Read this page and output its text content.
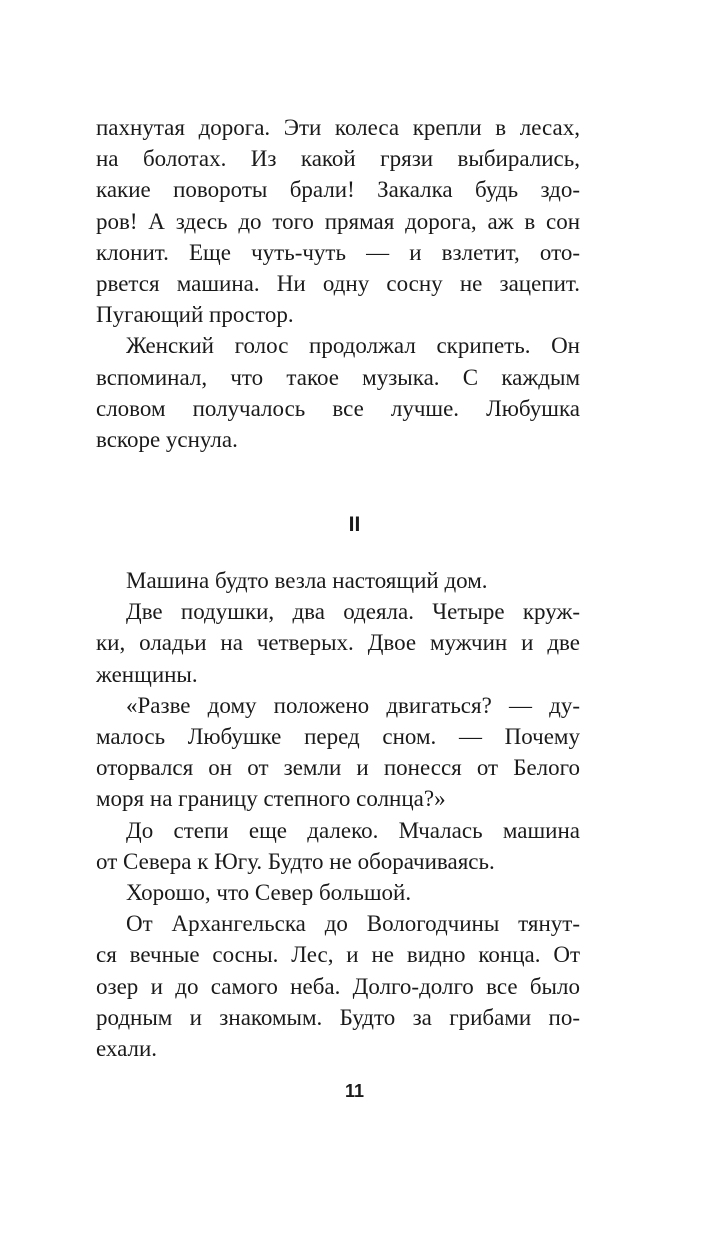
пахнутая дорога. Эти колеса крепли в лесах,
на болотах. Из какой грязи выбирались,
какие повороты брали! Закалка будь здо-
ров! А здесь до того прямая дорога, аж в сон
клонит. Еще чуть-чуть — и взлетит, ото-
рвется машина. Ни одну сосну не зацепит.
Пугающий простор.

Женский голос продолжал скрипеть. Он
вспоминал, что такое музыка. С каждым
словом получалось все лучше. Любушка
вскоре уснула.

II

Машина будто везла настоящий дом.

Две подушки, два одеяла. Четыре круж-
ки, оладьи на четверых. Двое мужчин и две
женщины.

«Разве дому положено двигаться? — ду-
малось Любушке перед сном. — Почему
оторвался он от земли и понесся от Белого
моря на границу степного солнца?»

До степи еще далеко. Мчалась машина
от Севера к Югу. Будто не оборачиваясь.

Хорошо, что Север большой.

От Архангельска до Вологодчины тянут-
ся вечные сосны. Лес, и не видно конца. От
озер и до самого неба. Долго-долго все было
родным и знакомым. Будто за грибами по-
ехали.

11
